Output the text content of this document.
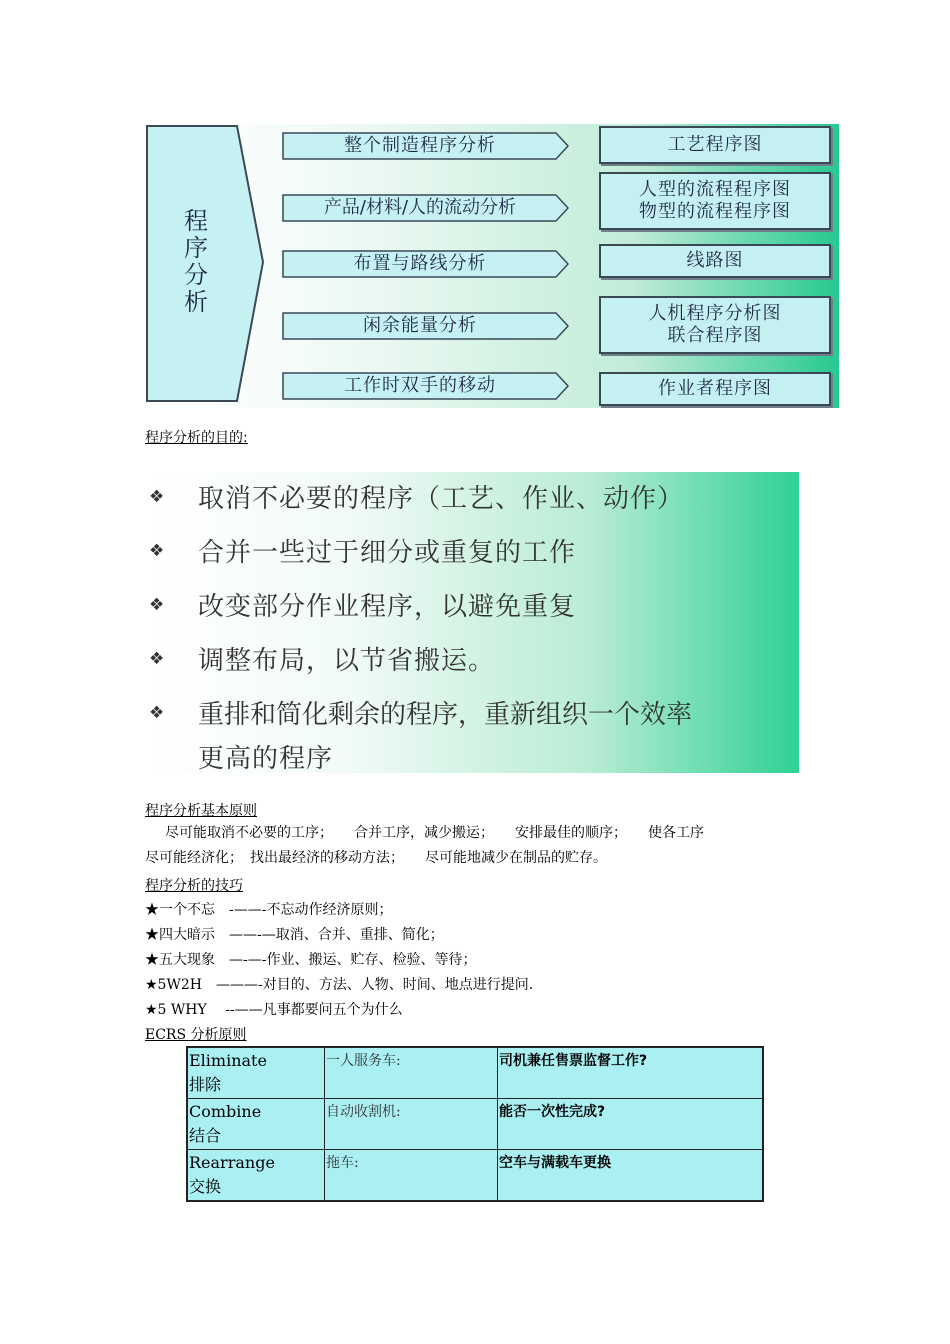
程
序
分
析
整个制造程序分析
产品/材料/人的流动分析
布置与路线分析
闲余能量分析
工作时双手的移动
工艺程序图
人型的流程程序图
物型的流程程序图
线路图
人机程序分析图
联合程序图
作业者程序图
程序分析的目的:
❖ 取消不必要的程序（工艺、作业、动作）
❖ 合并一些过于细分或重复的工作
❖ 改变部分作业程序，以避免重复
❖ 调整布局，以节省搬运。
❖ 重排和简化剩余的程序，重新组织一个效率
更高的程序
程序分析基本原则
尽可能取消不必要的工序；　　合并工序，减少搬运；　　安排最佳的顺序；　　使各工序
尽可能经济化；　找出最经济的移动方法；　　尽可能地减少在制品的贮存。
程序分析的技巧
★一个不忘　-——-不忘动作经济原则；
★四大暗示　——-—取消、合并、重排、简化；
★五大现象　—-—-作业、搬运、贮存、检验、等待；
★5W2H　———-对目的、方法、人物、时间、地点进行提问.
★5 WHY　 --——凡事都要问五个为什么
ECRS 分析原则
Eliminate
排除	一人服务车:	司机兼任售票监督工作?

Combine
结合	自动收割机:	能否一次性完成?

Rearrange
交换	拖车:	空车与满载车更换
